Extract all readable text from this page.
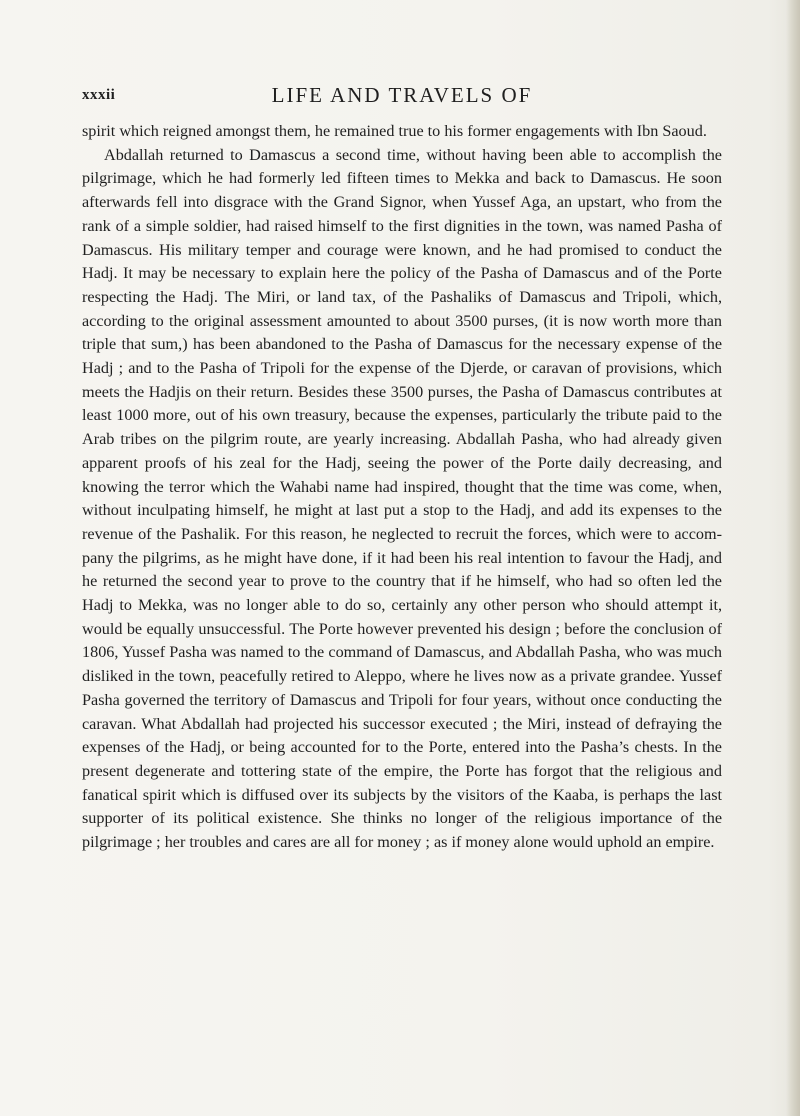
xxxii	LIFE AND TRAVELS OF

spirit which reigned amongst them, he remained true to his former engagements with Ibn Saoud.

Abdallah returned to Damascus a second time, without having been able to accomplish the pilgrimage, which he had formerly led fifteen times to Mekka and back to Damascus. He soon afterwards fell into disgrace with the Grand Signor, when Yussef Aga, an upstart, who from the rank of a simple soldier, had raised himself to the first dignities in the town, was named Pasha of Damascus. His military temper and courage were known, and he had promised to conduct the Hadj. It may be necessary to explain here the policy of the Pasha of Damascus and of the Porte respecting the Hadj. The Miri, or land tax, of the Pashaliks of Damascus and Tripoli, which, according to the original assessment amounted to about 3500 purses, (it is now worth more than triple that sum,) has been abandoned to the Pasha of Damascus for the necessary expense of the Hadj ; and to the Pasha of Tripoli for the expense of the Djerde, or caravan of provisions, which meets the Hadjis on their return. Besides these 3500 purses, the Pasha of Damascus contributes at least 1000 more, out of his own treasury, because the expenses, particularly the tribute paid to the Arab tribes on the pilgrim route, are yearly increasing. Abdallah Pasha, who had already given apparent proofs of his zeal for the Hadj, seeing the power of the Porte daily decreasing, and knowing the terror which the Wahabi name had inspired, thought that the time was come, when, without inculpating himself, he might at last put a stop to the Hadj, and add its expenses to the revenue of the Pashalik. For this reason, he neglected to recruit the forces, which were to accompany the pilgrims, as he might have done, if it had been his real intention to favour the Hadj, and he returned the second year to prove to the country that if he himself, who had so often led the Hadj to Mekka, was no longer able to do so, certainly any other person who should attempt it, would be equally unsuccessful. The Porte however prevented his design ; before the conclusion of 1806, Yussef Pasha was named to the command of Damascus, and Abdallah Pasha, who was much disliked in the town, peacefully retired to Aleppo, where he lives now as a private grandee. Yussef Pasha governed the territory of Damascus and Tripoli for four years, without once conducting the caravan. What Abdallah had projected his successor executed ; the Miri, instead of defraying the expenses of the Hadj, or being accounted for to the Porte, entered into the Pasha’s chests. In the present degenerate and tottering state of the empire, the Porte has forgot that the religious and fanatical spirit which is diffused over its subjects by the visitors of the Kaaba, is perhaps the last supporter of its political existence. She thinks no longer of the religious importance of the pilgrimage ; her troubles and cares are all for money ; as if money alone would uphold an empire.
